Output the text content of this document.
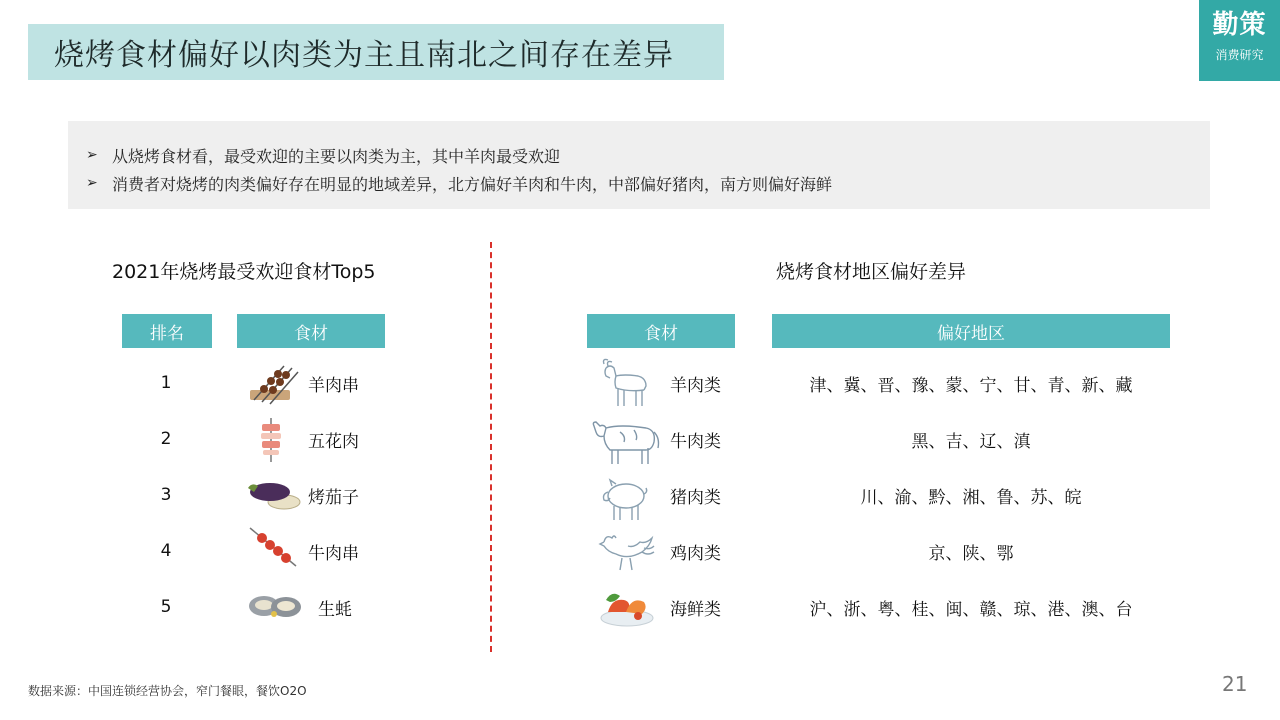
烧烤食材偏好以肉类为主且南北之间存在差异
勤策
消费研究
➢ 从烧烤食材看，最受欢迎的主要以肉类为主，其中羊肉最受欢迎
➢ 消费者对烧烤的肉类偏好存在明显的地域差异，北方偏好羊肉和牛肉，中部偏好猪肉，南方则偏好海鲜
2021年烧烤最受欢迎食材Top5
排名	食材
1	羊肉串
2	五花肉
3	烤茄子
4	牛肉串
5	生蚝
烧烤食材地区偏好差异
食材	偏好地区
羊肉类	津、冀、晋、豫、蒙、宁、甘、青、新、藏
牛肉类	黑、吉、辽、滇
猪肉类	川、渝、黔、湘、鲁、苏、皖
鸡肉类	京、陕、鄂
海鲜类	沪、浙、粤、桂、闽、赣、琼、港、澳、台
数据来源：中国连锁经营协会，窄门餐眼，餐饮O2O	21
